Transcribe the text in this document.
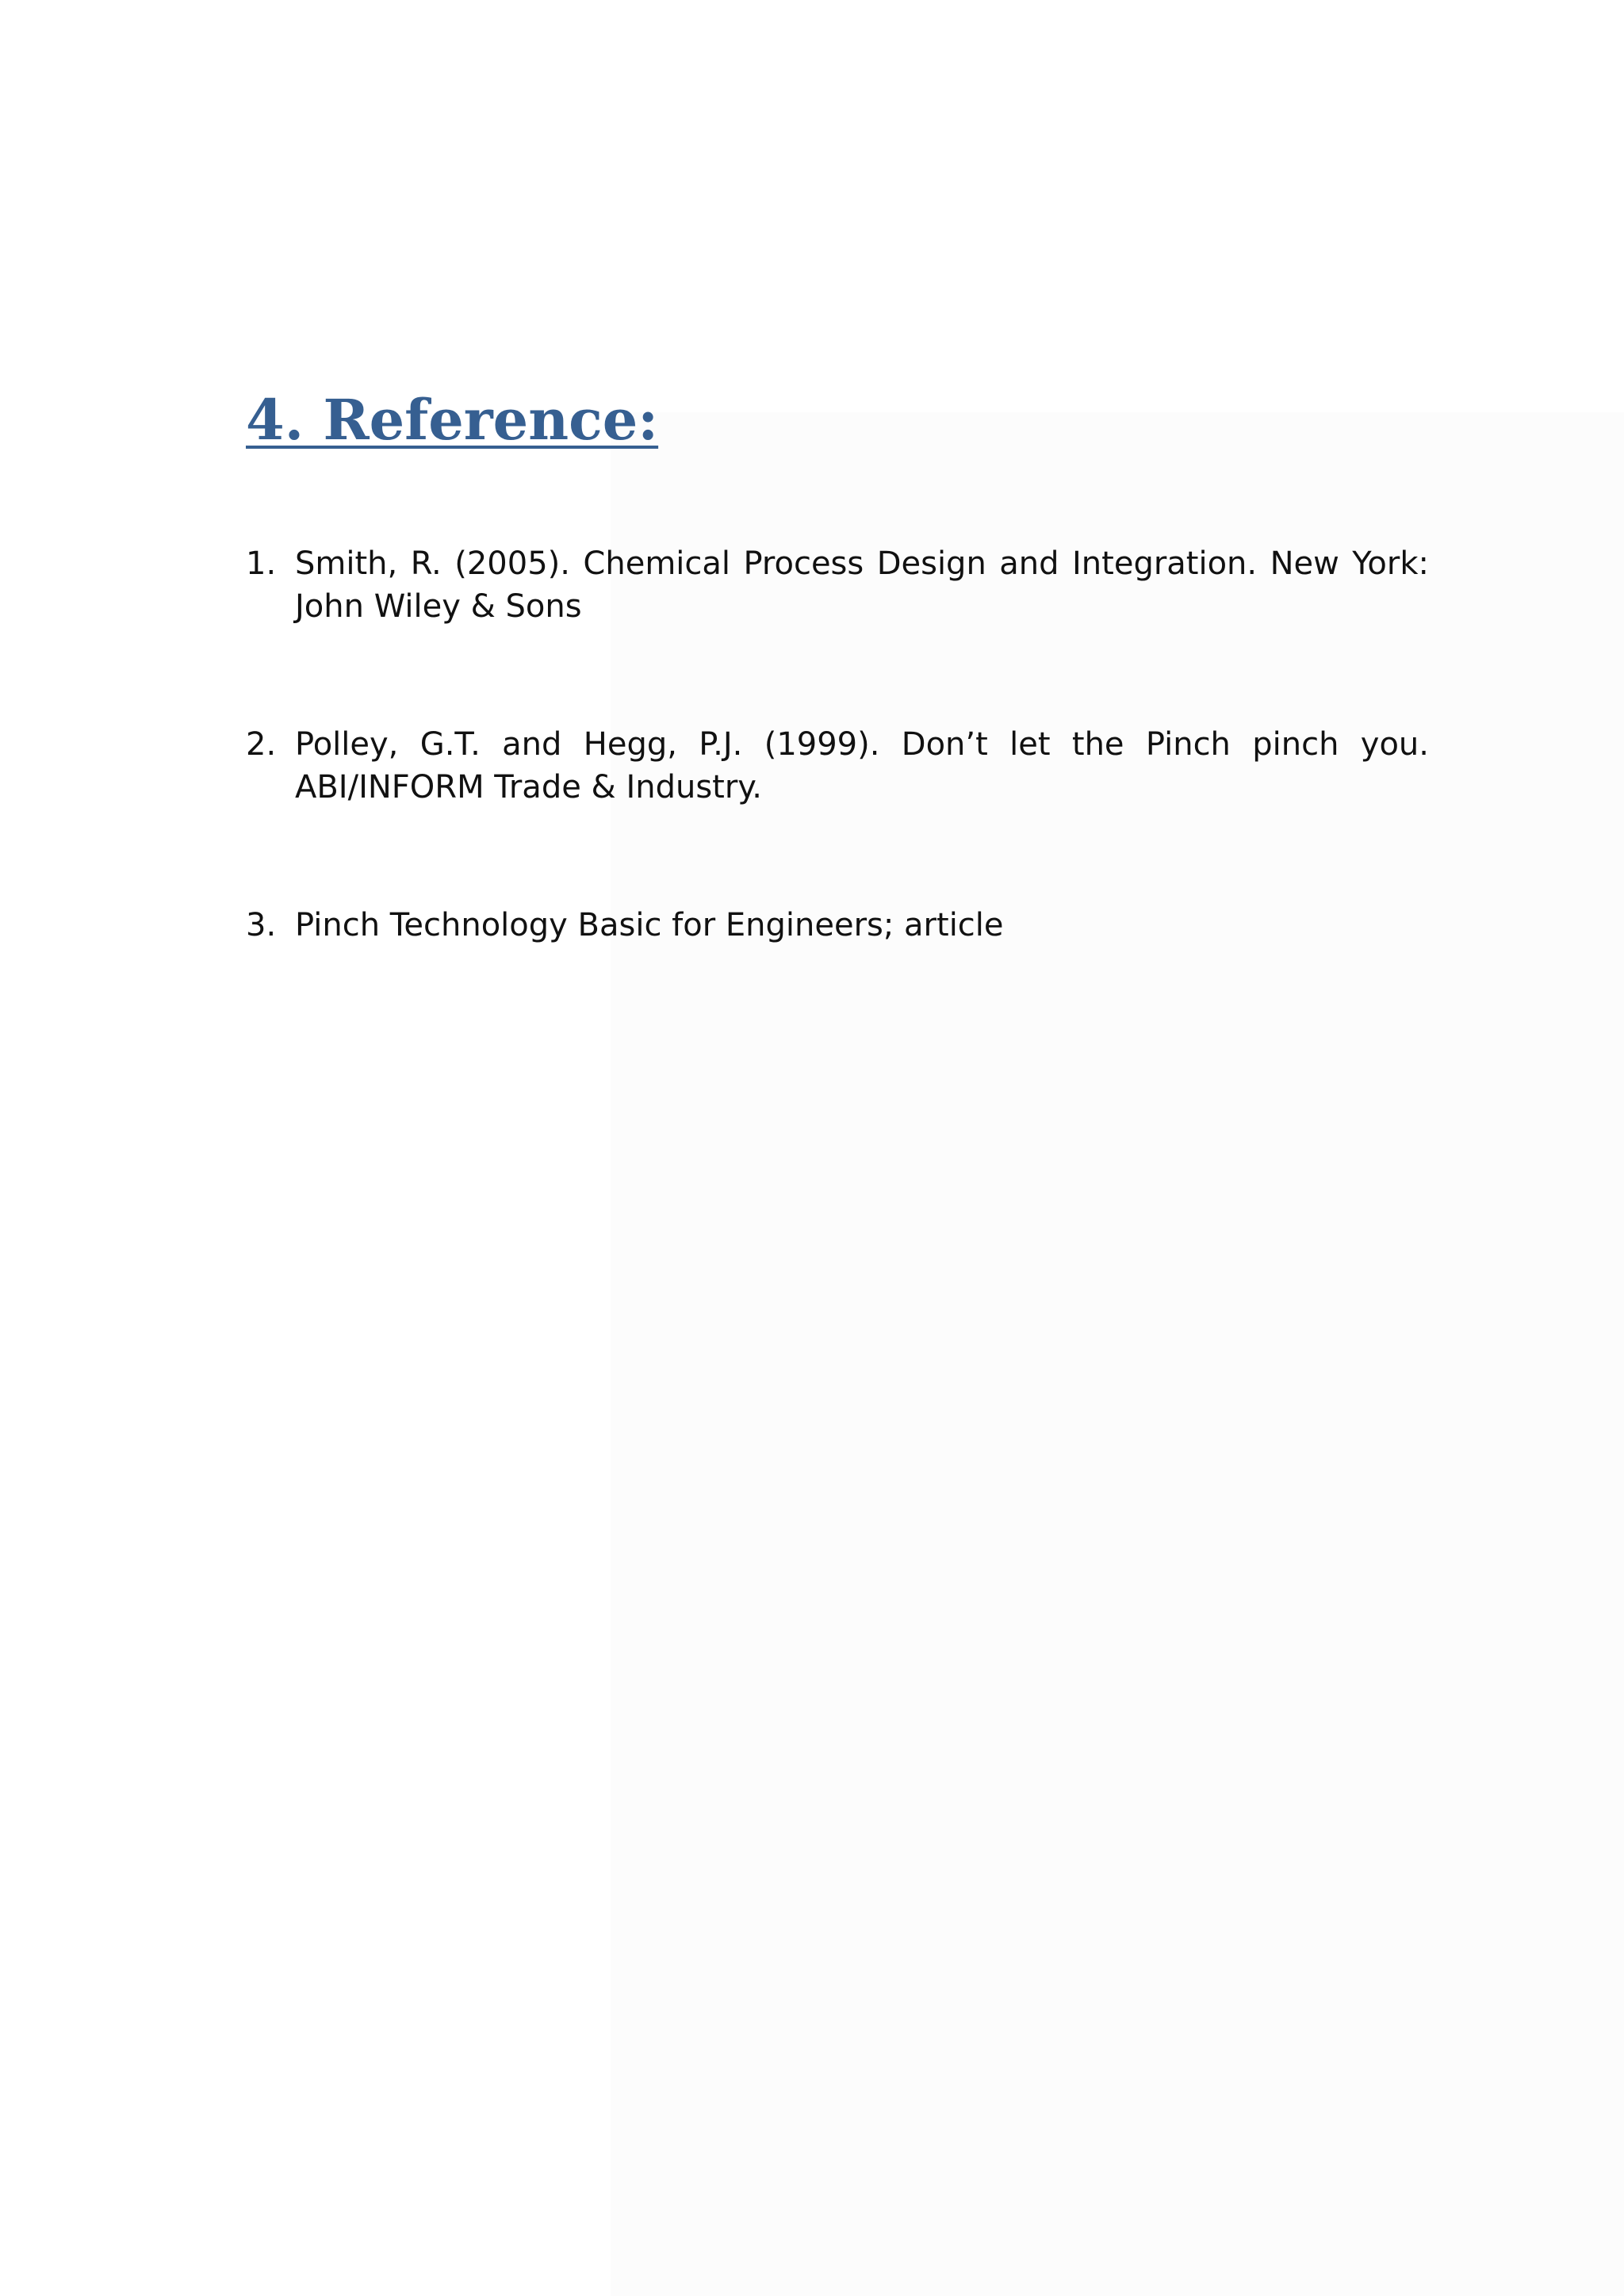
4. Reference:
1. Smith, R. (2005). Chemical Process Design and Integration. New York: John Wiley & Sons
2. Polley, G.T. and Hegg, P.J. (1999). Don’t let the Pinch pinch you. ABI/INFORM Trade & Industry.
3. Pinch Technology Basic for Engineers; article
